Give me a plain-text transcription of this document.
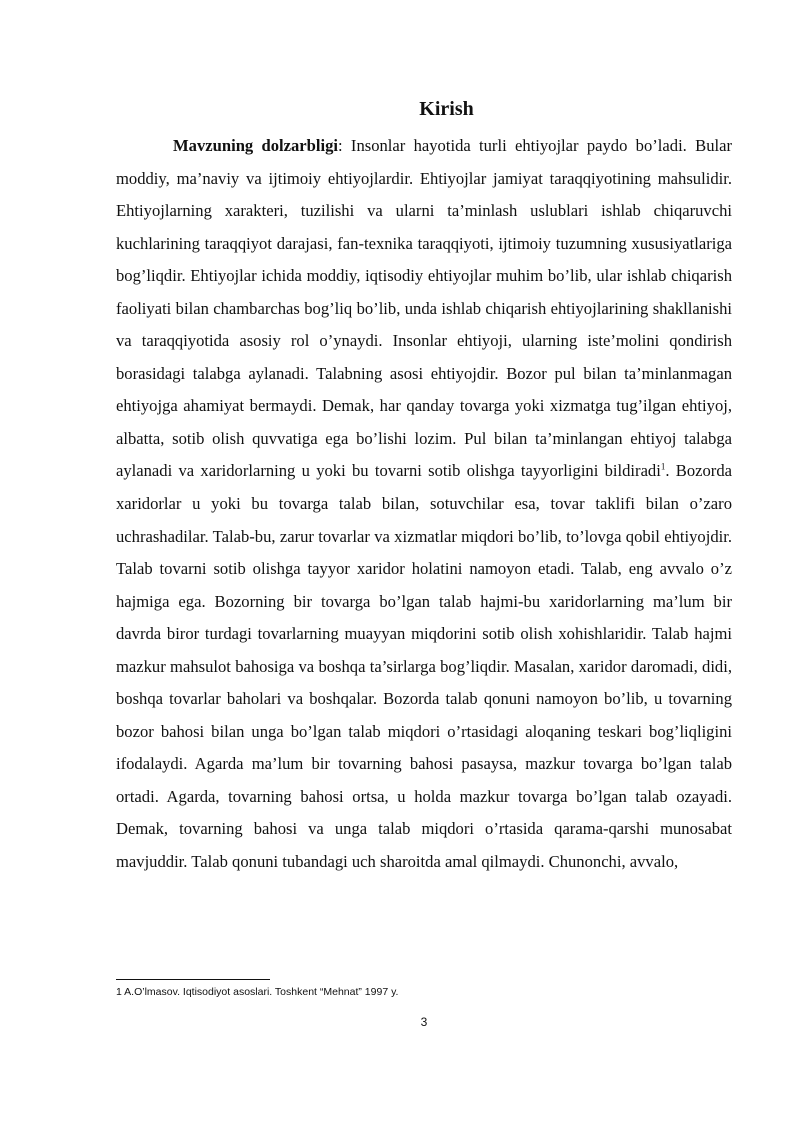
Kirish

Mavzuning dolzarbligi: Insonlar hayotida turli ehtiyojlar paydo bo’ladi. Bular moddiy, ma’naviy va ijtimoiy ehtiyojlardir. Ehtiyojlar jamiyat taraqqiyotining mahsulidir. Ehtiyojlarning xarakteri, tuzilishi va ularni ta’minlash uslublari ishlab chiqaruvchi kuchlarining taraqqiyot darajasi, fan-texnika taraqqiyoti, ijtimoiy tuzumning xususiyatlariga bog’liqdir. Ehtiyojlar ichida moddiy, iqtisodiy ehtiyojlar muhim bo’lib, ular ishlab chiqarish faoliyati bilan chambarchas bog’liq bo’lib, unda ishlab chiqarish ehtiyojlarining shakllanishi va taraqqiyotida asosiy rol o’ynaydi. Insonlar ehtiyoji, ularning iste’molini qondirish borasidagi talabga aylanadi. Talabning asosi ehtiyojdir. Bozor pul bilan ta’minlanmagan ehtiyojga ahamiyat bermaydi. Demak, har qanday tovarga yoki xizmatga tug’ilgan ehtiyoj, albatta, sotib olish quvvatiga ega bo’lishi lozim. Pul bilan ta’minlangan ehtiyoj talabga aylanadi va xaridorlarning u yoki bu tovarni sotib olishga tayyorligini bildiradi$^1$. Bozorda xaridorlar u yoki bu tovarga talab bilan, sotuvchilar esa, tovar taklifi bilan o’zaro uchrashadilar. Talab-bu, zarur tovarlar va xizmatlar miqdori bo’lib, to’lovga qobil ehtiyojdir. Talab tovarni sotib olishga tayyor xaridor holatini namoyon etadi. Talab, eng avvalo o’z hajmiga ega. Bozorning bir tovarga bo’lgan talab hajmi-bu xaridorlarning ma’lum bir davrda biror turdagi tovarlarning muayyan miqdorini sotib olish xohishlaridir. Talab hajmi mazkur mahsulot bahosiga va boshqa ta’sirlarga bog’liqdir. Masalan, xaridor daromadi, didi, boshqa tovarlar baholari va boshqalar. Bozorda talab qonuni namoyon bo’lib, u tovarning bozor bahosi bilan unga bo’lgan talab miqdori o’rtasidagi aloqaning teskari bog’liqligini ifodalaydi. Agarda ma’lum bir tovarning bahosi pasaysa, mazkur tovarga bo’lgan talab ortadi. Agarda, tovarning bahosi ortsa, u holda mazkur tovarga bo’lgan talab ozayadi. Demak, tovarning bahosi va unga talab miqdori o’rtasida qarama-qarshi munosabat mavjuddir. Talab qonuni tubandagi uch sharoitda amal qilmaydi. Chunonchi, avvalo,

1 A.O’lmasov. Iqtisodiyot asoslari. Toshkent “Mehnat” 1997 y.
3
